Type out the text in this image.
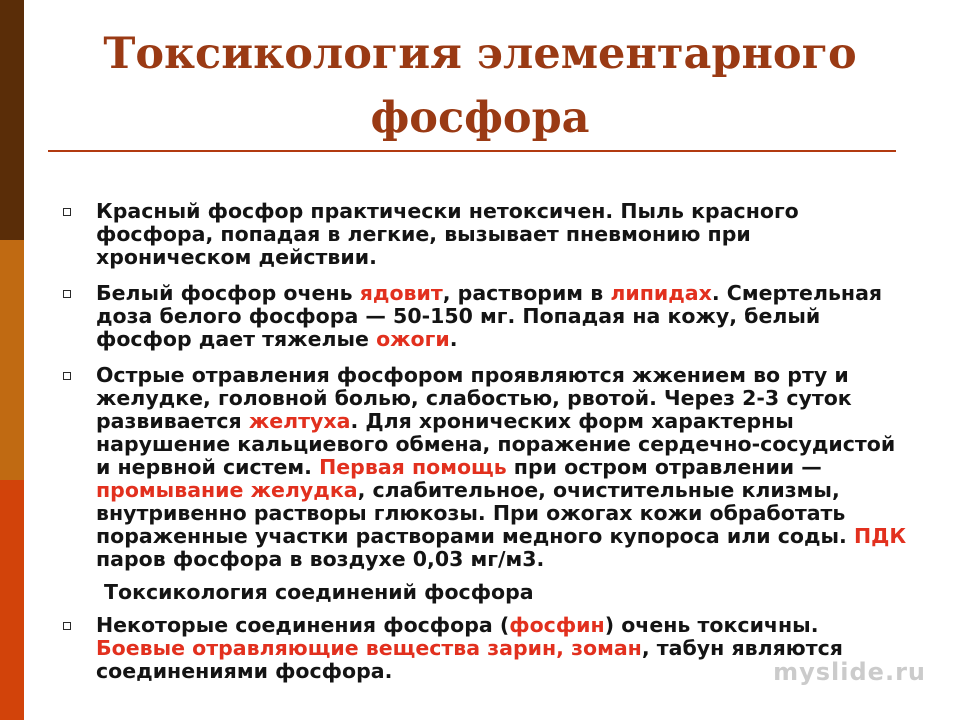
Токсикология элементарного фосфора
Красный фосфор практически нетоксичен. Пыль красного фосфора, попадая в легкие, вызывает пневмонию при хроническом действии.
Белый фосфор очень ядовит, растворим в липидах. Смертельная доза белого фосфора — 50-150 мг. Попадая на кожу, белый фосфор дает тяжелые ожоги.
Острые отравления фосфором проявляются жжением во рту и желудке, головной болью, слабостью, рвотой. Через 2-3 суток развивается желтуха. Для хронических форм характерны нарушение кальциевого обмена, поражение сердечно-сосудистой и нервной систем. Первая помощь при остром отравлении — промывание желудка, слабительное, очистительные клизмы, внутривенно растворы глюкозы. При ожогах кожи обработать пораженные участки растворами медного купороса или соды. ПДК паров фосфора в воздухе 0,03 мг/м3.
Токсикология соединений фосфора
Некоторые соединения фосфора (фосфин) очень токсичны. Боевые отравляющие вещества зарин, зоман, табун являются соединениями фосфора.	myslide.ru
